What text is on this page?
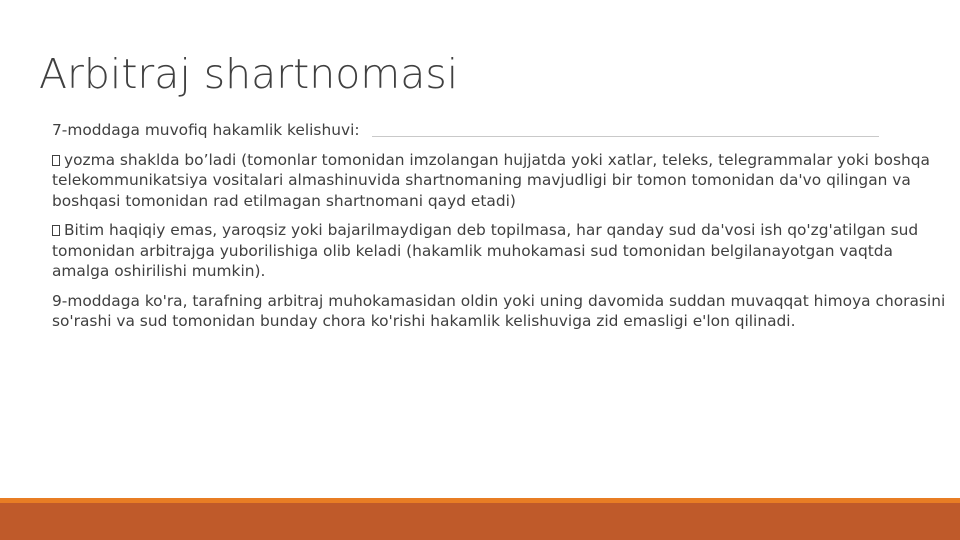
Arbitraj shartnomasi

7-moddaga muvofiq hakamlik kelishuvi:

yozma shaklda bo’ladi (tomonlar tomonidan imzolangan hujjatda yoki xatlar, teleks, telegrammalar yoki boshqa telekommunikatsiya vositalari almashinuvida shartnomaning mavjudligi bir tomon tomonidan da'vo qilingan va boshqasi tomonidan rad etilmagan shartnomani qayd etadi)

Bitim haqiqiy emas, yaroqsiz yoki bajarilmaydigan deb topilmasa, har qanday sud da'vosi ish qo'zg'atilgan sud tomonidan arbitrajga yuborilishiga olib keladi (hakamlik muhokamasi sud tomonidan belgilanayotgan vaqtda amalga oshirilishi mumkin).

9-moddaga ko'ra, tarafning arbitraj muhokamasidan oldin yoki uning davomida suddan muvaqqat himoya chorasini so'rashi va sud tomonidan bunday chora ko'rishi hakamlik kelishuviga zid emasligi e'lon qilinadi.
